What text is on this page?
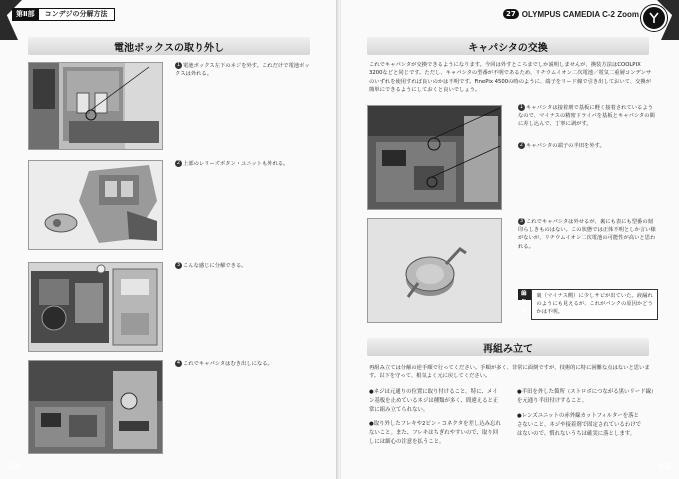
第Ⅱ部	コンデジの分解方法
電池ボックスの取り外し
1 電池ボックス左下のネジを外す。これだけで電池ボックスは外れる。
2 上部のレリーズボタン・ユニットも外れる。
3 こんな感じに分解できる。
4 これでキャパシタはむき出しになる。
104
27 OLYMPUS CAMEDIA C-2 Zoom
キャパシタの交換
これでキャパシタが交換できるようになります。今回は外すところまでしか説明しませんが、換装方法はCOOLPIX 3200などと同じです。ただし、キャパシタの型番が不明であるため、リチウムイオン二次電池／電気二重層コンデンサのいずれを使用すれば良いのかは不明です。FinePix 4500の時のように、端子をリード線で引き出しておいて、交換が簡単にできるようにしておくと良いでしょう。
1 キャパシタは接着剤で基板に軽く接着されているようなので、マイナスの精密ドライバを基板とキャパシタの間に差し込んで、丁寧に剥がす。
2 キャパシタの端子の半田を外す。
3 これでキャパシタは外せるが、裏にも表にも型番の刻印らしきものはない。この状態では正体不明としか言い様がないが、リチウムイオン二次電池の可能性が高いと思われる。
編集注
裏（マイナス側）に少しサビが出ていた。液漏れのようにも見えるが、これがパンクの原因かどうかは不明。
再組み立て
再組み立ては分解の逆手順で行ってください。手順が多く、非常に面倒ですが、技術的に特に困難な点はないと思います。以下を守って、根気よく元に戻してください。
●ネジは元通りの位置に取り付けること。特に、メイン基板を止めているネジは種類が多く、間違えると正常に組み立てられない。
●取り外したフレキや2ピン・コネクタを差し込み忘れないこと。また、フレキはちぎれやすいので、取り回しには細心の注意を払うこと。
●半田を外した箇所（ストロボにつながる黒いリード線）を元通り半田付けすること。
●レンズユニットの赤外線カットフィルターを落とさないこと。ネジや接着剤で固定されているわけではないので、慣れないうちは確実に落とします。
105
